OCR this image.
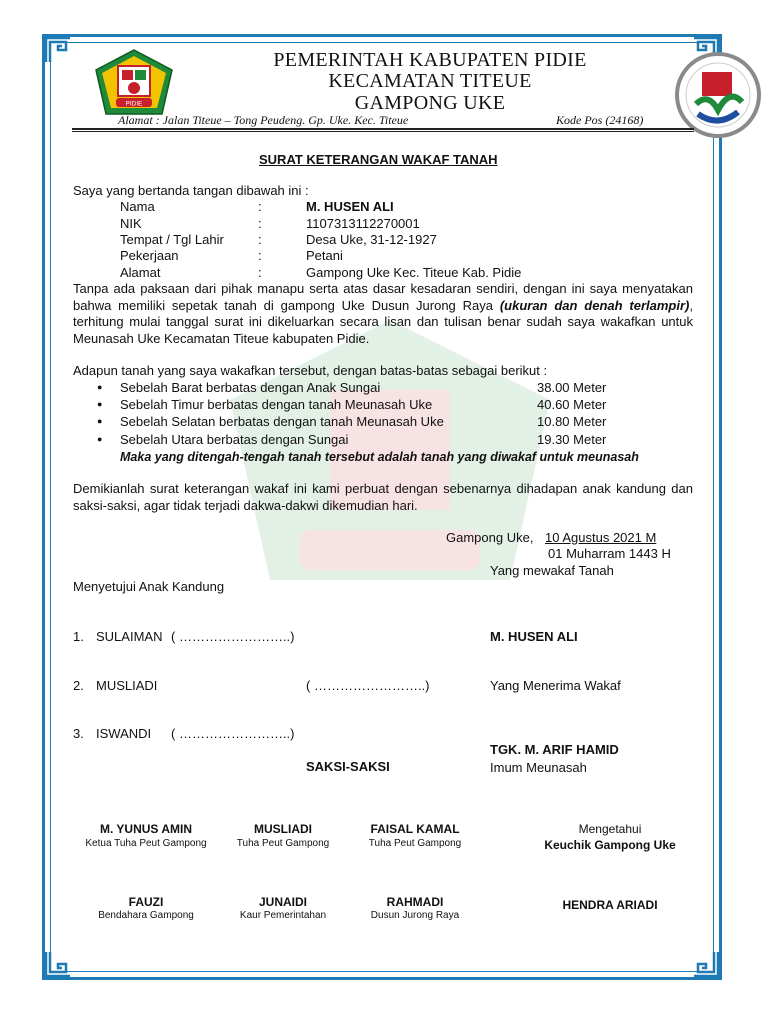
PIDIE
PEMERINTAH KABUPATEN PIDIE
KECAMATAN TITEUE
GAMPONG UKE
Alamat : Jalan Titeue – Tong Peudeng. Gp. Uke. Kec. Titeue	Kode Pos (24168)
SURAT KETERANGAN WAKAF TANAH
Saya yang bertanda tangan dibawah ini :
Nama	:	M. HUSEN ALI
NIK	:	1107313112270001
Tempat / Tgl Lahir	:	Desa Uke, 31-12-1927
Pekerjaan	:	Petani
Alamat	:	Gampong Uke Kec. Titeue Kab. Pidie
Tanpa ada paksaan dari pihak manapu serta atas dasar kesadaran sendiri, dengan ini saya menyatakan bahwa memiliki sepetak tanah di gampong Uke Dusun Jurong Raya (ukuran dan denah terlampir), terhitung mulai tanggal surat ini dikeluarkan secara lisan dan tulisan benar sudah saya wakafkan untuk Meunasah Uke Kecamatan Titeue kabupaten Pidie.
Adapun tanah yang saya wakafkan tersebut, dengan batas-batas sebagai berikut :
● Sebelah Barat berbatas dengan Anak Sungai	38.00 Meter
● Sebelah Timur berbatas dengan tanah Meunasah Uke	40.60 Meter
● Sebelah Selatan berbatas dengan tanah Meunasah Uke	10.80 Meter
● Sebelah Utara berbatas dengan Sungai	19.30 Meter
Maka yang ditengah-tengah tanah tersebut adalah tanah yang diwakaf untuk meunasah
Demikianlah surat keterangan wakaf ini kami perbuat dengan sebenarnya dihadapan anak kandung dan saksi-saksi, agar tidak terjadi dakwa-dakwi dikemudian hari.
Gampong Uke, 10 Agustus 2021 M
01 Muharram 1443 H
Yang mewakaf Tanah
Menyetujui Anak Kandung
1. SULAIMAN ( ……………………..)
2. MUSLIADI	( ……………………..)
3. ISWANDI ( ……………………..)
M. HUSEN ALI
Yang Menerima Wakaf
TGK. M. ARIF HAMID
Imum Meunasah
SAKSI-SAKSI
M. YUNUS AMIN
Ketua Tuha Peut Gampong
MUSLIADI
Tuha Peut Gampong
FAISAL KAMAL
Tuha Peut Gampong
FAUZI
Bendahara Gampong
JUNAIDI
Kaur Pemerintahan
RAHMADI
Dusun Jurong Raya
Mengetahui
Keuchik Gampong Uke
HENDRA ARIADI
